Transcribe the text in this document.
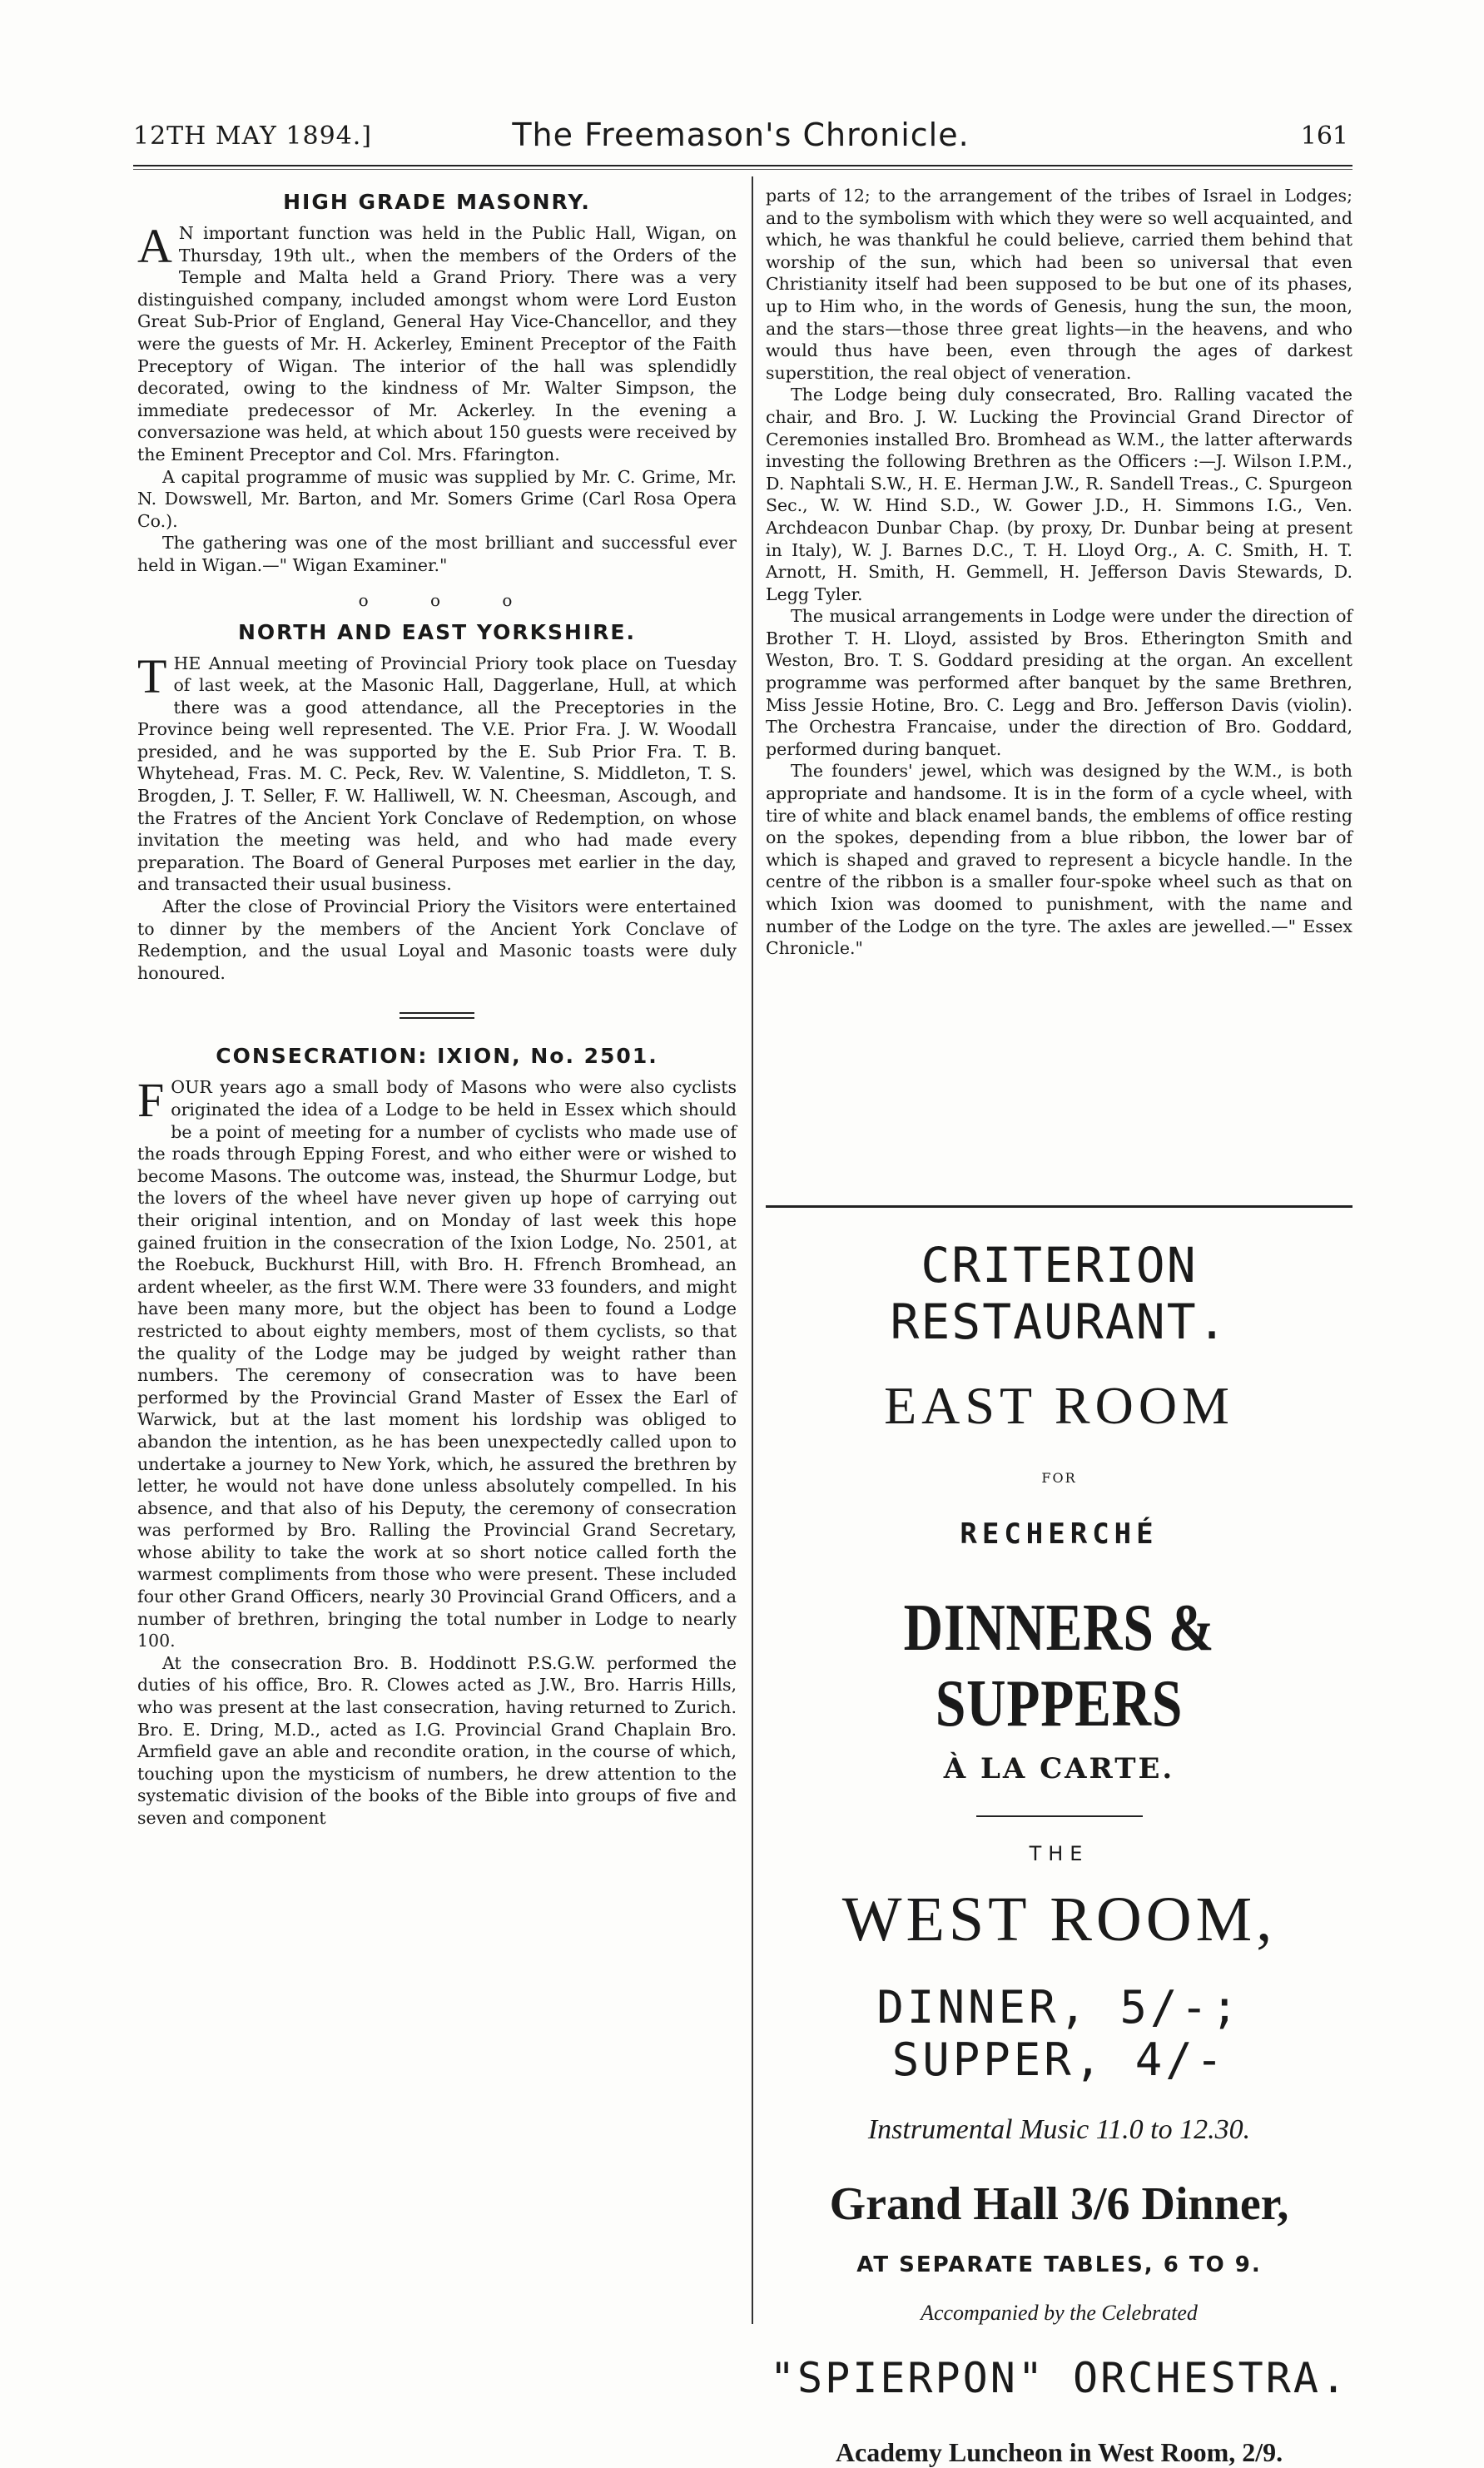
12TH MAY 1894.]	The Freemason's Chronicle.	161
HIGH GRADE MASONRY.

A N important function was held in the Public Hall, Wigan, on Thursday, 19th ult., when the members of the Orders of the Temple and Malta held a Grand Priory. There was a very distinguished company, included amongst whom were Lord Euston Great Sub-Prior of England, General Hay Vice-Chancellor, and they were the guests of Mr. H. Ackerley, Eminent Preceptor of the Faith Preceptory of Wigan. The interior of the hall was splendidly decorated, owing to the kindness of Mr. Walter Simpson, the immediate predecessor of Mr. Ackerley. In the evening a conversazione was held, at which about 150 guests were received by the Eminent Preceptor and Col. Mrs. Ffarington.

A capital programme of music was supplied by Mr. C. Grime, Mr. N. Dowswell, Mr. Barton, and Mr. Somers Grime (Carl Rosa Opera Co.).

The gathering was one of the most brilliant and successful ever held in Wigan.—" Wigan Examiner."

o o o
NORTH AND EAST YORKSHIRE.

THE Annual meeting of Provincial Priory took place on Tuesday of last week, at the Masonic Hall, Daggerlane, Hull, at which there was a good attendance, all the Preceptories in the Province being well represented. The V.E. Prior Fra. J. W. Woodall presided, and he was supported by the E. Sub Prior Fra. T. B. Whytehead, Fras. M. C. Peck, Rev. W. Valentine, S. Middleton, T. S. Brogden, J. T. Seller, F. W. Halliwell, W. N. Cheesman, Ascough, and the Fratres of the Ancient York Conclave of Redemption, on whose invitation the meeting was held, and who had made every preparation. The Board of General Purposes met earlier in the day, and transacted their usual business.

After the close of Provincial Priory the Visitors were entertained to dinner by the members of the Ancient York Conclave of Redemption, and the usual Loyal and Masonic toasts were duly honoured.

CONSECRATION: IXION, No. 2501.

FOUR years ago a small body of Masons who were also cyclists originated the idea of a Lodge to be held in Essex which should be a point of meeting for a number of cyclists who made use of the roads through Epping Forest, and who either were or wished to become Masons. The outcome was, instead, the Shurmur Lodge, but the lovers of the wheel have never given up hope of carrying out their original intention, and on Monday of last week this hope gained fruition in the consecration of the Ixion Lodge, No. 2501, at the Roebuck, Buckhurst Hill, with Bro. H. Ffrench Bromhead, an ardent wheeler, as the first W.M. There were 33 founders, and might have been many more, but the object has been to found a Lodge restricted to about eighty members, most of them cyclists, so that the quality of the Lodge may be judged by weight rather than numbers. The ceremony of consecration was to have been performed by the Provincial Grand Master of Essex the Earl of Warwick, but at the last moment his lordship was obliged to abandon the intention, as he has been unexpectedly called upon to undertake a journey to New York, which, he assured the brethren by letter, he would not have done unless absolutely compelled. In his absence, and that also of his Deputy, the ceremony of consecration was performed by Bro. Ralling the Provincial Grand Secretary, whose ability to take the work at so short notice called forth the warmest compliments from those who were present. These included four other Grand Officers, nearly 30 Provincial Grand Officers, and a number of brethren, bringing the total number in Lodge to nearly 100.

At the consecration Bro. B. Hoddinott P.S.G.W. performed the duties of his office, Bro. R. Clowes acted as J.W., Bro. Harris Hills, who was present at the last consecration, having returned to Zurich. Bro. E. Dring, M.D., acted as I.G. Provincial Grand Chaplain Bro. Armfield gave an able and recondite oration, in the course of which, touching upon the mysticism of numbers, he drew attention to the systematic division of the books of the Bible into groups of five and seven and component

parts of 12; to the arrangement of the tribes of Israel in Lodges; and to the symbolism with which they were so well acquainted, and which, he was thankful he could believe, carried them behind that worship of the sun, which had been so universal that even Christianity itself had been supposed to be but one of its phases, up to Him who, in the words of Genesis, hung the sun, the moon, and the stars—those three great lights—in the heavens, and who would thus have been, even through the ages of darkest superstition, the real object of veneration.

The Lodge being duly consecrated, Bro. Ralling vacated the chair, and Bro. J. W. Lucking the Provincial Grand Director of Ceremonies installed Bro. Bromhead as W.M., the latter afterwards investing the following Brethren as the Officers :—J. Wilson I.P.M., D. Naphtali S.W., H. E. Herman J.W., R. Sandell Treas., C. Spurgeon Sec., W. W. Hind S.D., W. Gower J.D., H. Simmons I.G., Ven. Archdeacon Dunbar Chap. (by proxy, Dr. Dunbar being at present in Italy), W. J. Barnes D.C., T. H. Lloyd Org., A. C. Smith, H. T. Arnott, H. Smith, H. Gemmell, H. Jefferson Davis Stewards, D. Legg Tyler.

The musical arrangements in Lodge were under the direction of Brother T. H. Lloyd, assisted by Bros. Etherington Smith and Weston, Bro. T. S. Goddard presiding at the organ. An excellent programme was performed after banquet by the same Brethren, Miss Jessie Hotine, Bro. C. Legg and Bro. Jefferson Davis (violin). The Orchestra Francaise, under the direction of Bro. Goddard, performed during banquet.

The founders' jewel, which was designed by the W.M., is both appropriate and handsome. It is in the form of a cycle wheel, with tire of white and black enamel bands, the emblems of office resting on the spokes, depending from a blue ribbon, the lower bar of which is shaped and graved to represent a bicycle handle. In the centre of the ribbon is a smaller four-spoke wheel such as that on which Ixion was doomed to punishment, with the name and number of the Lodge on the tyre. The axles are jewelled.—" Essex Chronicle."

CRITERION RESTAURANT.

EAST ROOM

FOR

RECHERCHÉ

DINNERS & SUPPERS

À LA CARTE.

THE

WEST ROOM,

DINNER, 5/-; SUPPER, 4/-

Instrumental Music 11.0 to 12.30.

Grand Hall 3/6 Dinner,

AT SEPARATE TABLES, 6 TO 9.

Accompanied by the Celebrated

"SPIERPON" ORCHESTRA.

Academy Luncheon in West Room, 2/9.
